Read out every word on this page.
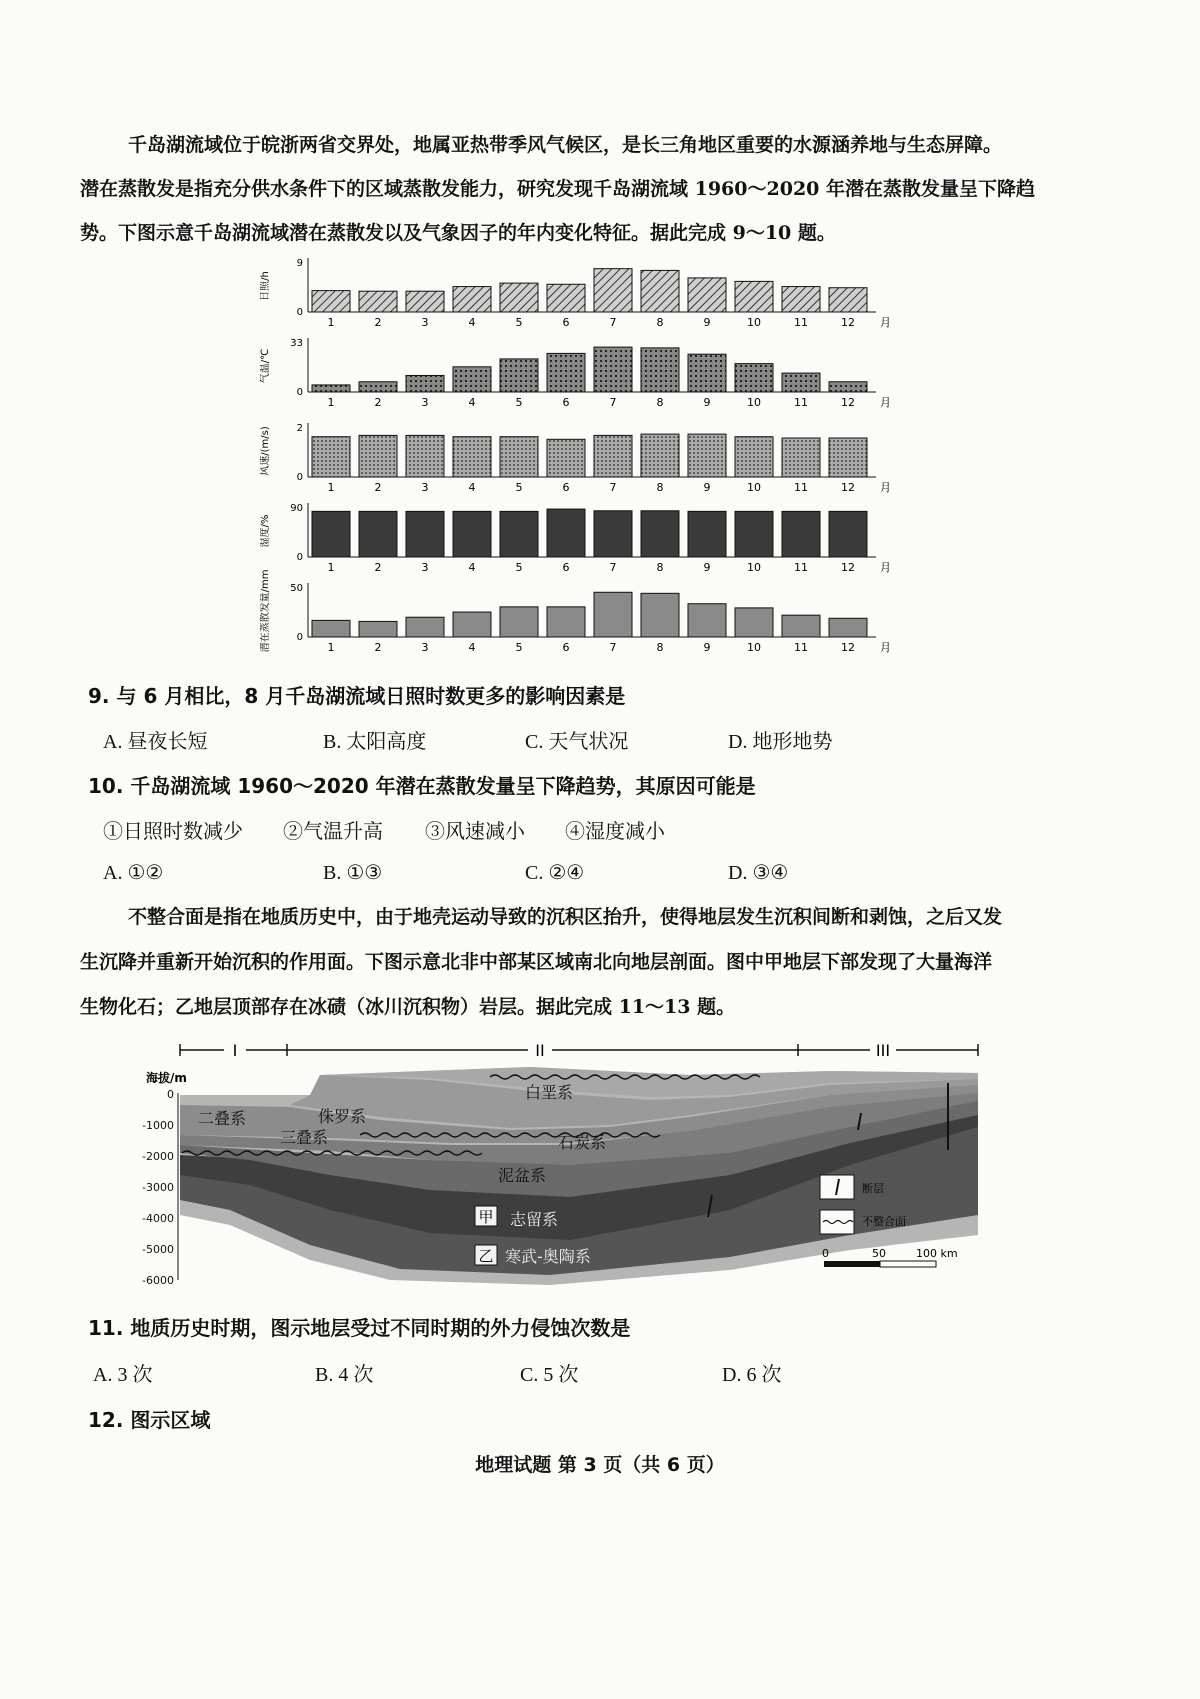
千岛湖流域位于皖浙两省交界处，地属亚热带季风气候区，是长三角地区重要的水源涵养地与生态屏障。
潜在蒸散发是指充分供水条件下的区域蒸散发能力，研究发现千岛湖流域 1960～2020 年潜在蒸散发量呈下降趋
势。下图示意千岛湖流域潜在蒸散发以及气象因子的年内变化特征。据此完成 9～10 题。
日照/h
9
0
1	2	3	4	5	6	7	8	9	10	11	12 月
气温/℃
33
0
1	2	3	4	5	6	7	8	9	10	11	12 月
风速/(m/s)	2
0
1	2	3	4	5	6	7	8	9	10	11	12 月
湿度/%
90
0
1	2	3	4	5	6	7	8	9	10	11	12 月
潜在蒸散发量/mm 50
0
1	2	3	4	5	6	7	8	9	10	11	12 月
9. 与 6 月相比，8 月千岛湖流域日照时数更多的影响因素是
A. 昼夜长短	B. 太阳高度	C. 天气状况	D. 地形地势
10. 千岛湖流域 1960～2020 年潜在蒸散发量呈下降趋势，其原因可能是
①日照时数减少 ②气温升高 ③风速减小 ④湿度减小
A. ①②	B. ①③	C. ②④	D. ③④
不整合面是指在地质历史中，由于地壳运动导致的沉积区抬升，使得地层发生沉积间断和剥蚀，之后又发
生沉降并重新开始沉积的作用面。下图示意北非中部某区域南北向地层剖面。图中甲地层下部发现了大量海洋
生物化石；乙地层顶部存在冰碛（冰川沉积物）岩层。据此完成 11～13 题。
I	II	III
海拔/m
0
-1000
-2000
-3000
-4000
-5000
-6000
白垩系
侏罗系
二叠系
三叠系	石炭系
泥盆系
志留系
寒武-奥陶系
甲
乙
断层
不整合面
0	50	100 km
11. 地质历史时期，图示地层受过不同时期的外力侵蚀次数是
A. 3 次	B. 4 次	C. 5 次	D. 6 次
12. 图示区域
地理试题 第 3 页（共 6 页）
